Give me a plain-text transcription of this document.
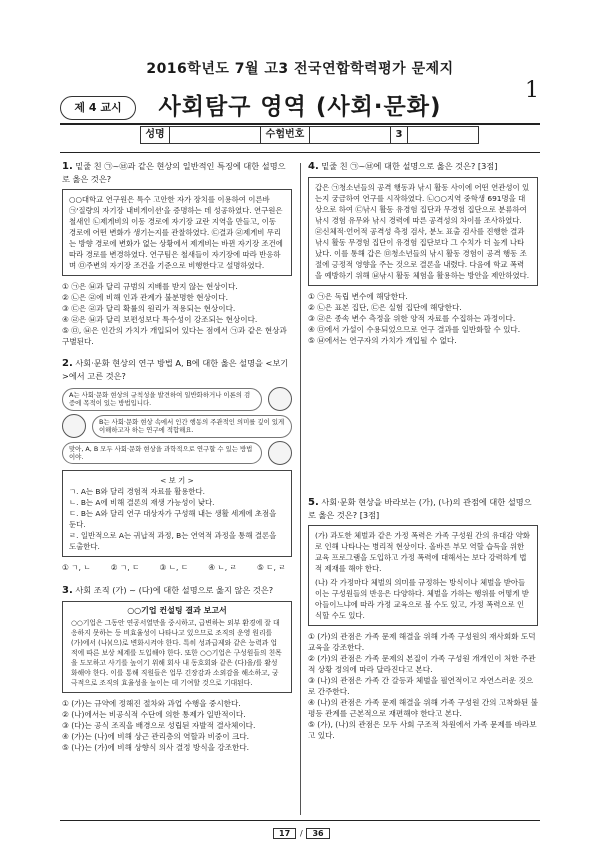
2016학년도 7월 고3 전국연합학력평가 문제지
1
제 4 교시	사회탐구 영역 (사회·문화)
성명	수험번호	3
1. 밑줄 친 ㉠~㉥과 같은 현상의 일반적인 특징에 대한 설명으로 옳은 것은?
○○대학교 연구원은 특수 고안한 자가 장치를 이용하여 이른바 ㉠'질량의 자기장 내비게이션'을 증명하는 데 성공하였다. 연구원은 철새인 ㉡제게비의 이동 경로에 자기장 교란 지역을 만들고, 이동 경로에 어떤 변화가 생기는지를 관찰하였다. ㉢결과 ㉣제게비 무리는 방향 경로에 변화가 없는 상황에서 제게비는 바뀐 자기장 조건에 따라 경로를 변경하였다. 연구팀은 철새들이 자기장에 따라 반응하며 ㉤주변의 자기장 조건을 기준으로 비행한다고 설명하였다.
① ㉠은 ㉥과 달리 규범의 지배를 받지 않는 현상이다.
② ㉡은 ㉣에 비해 인과 관계가 불분명한 현상이다.
③ ㉢은 ㉣과 달리 확률의 원리가 적용되는 현상이다.
④ ㉣은 ㉥과 달리 보편성보다 특수성이 강조되는 현상이다.
⑤ ㉤, ㉥은 인간의 가치가 개입되어 있다는 점에서 ㉠과 같은 현상과 구별된다.
2. 사회·문화 현상의 연구 방법 A, B에 대한 옳은 설명을 <보기>에서 고른 것은?
A는 사회·문화 현상의 규칙성을 발견하여 일반화하거나 이론의 검증에 목적이 있는 방법입니다.
B는 사회·문화 현상 속에서 인간 행동의 주관적인 의미를 깊이 있게 이해하고자 하는 연구에 적합해요.
맞아, A, B 모두 사회·문화 현상을 과학적으로 연구할 수 있는 방법이야.
< 보 기 >
ㄱ. A는 B와 달리 경험적 자료를 활용한다.
ㄴ. B는 A에 비해 결론의 재생 가능성이 낮다.
ㄷ. B는 A와 달리 연구 대상자가 구성해 내는 생활 세계에 초점을 둔다.
ㄹ. 일반적으로 A는 귀납적 과정, B는 연역적 과정을 통해 결론을 도출한다.
① ㄱ, ㄴ	② ㄱ, ㄷ	③ ㄴ, ㄷ	④ ㄴ, ㄹ	⑤ ㄷ, ㄹ
3. 사회 조직 (가) ~ (다)에 대한 설명으로 옳지 않은 것은?
○○기업 컨설팅 결과 보고서
○○기업은 그동안 연공서열만을 중시하고, 급변하는 외부 환경에 잘 대응하지 못하는 등 비효율성이 나타나고 있으므로 조직의 운영 원리를 (가)에서 (나)(으)로 변화시켜야 한다. 특히 성과급제와 같은 능력과 업적에 따른 보상 체계를 도입해야 한다. 또한 ○○기업은 구성원들의 친목을 도모하고 사기를 높이기 위해 회사 내 동호회와 같은 (다)을/를 활성화해야 한다. 이를 통해 직원들은 업무 긴장감과 소외감을 해소하고, 궁극적으로 조직의 효율성을 높이는 데 기여할 것으로 기대된다.
① (가)는 규약에 정해진 절차와 과업 수행을 중시한다.
② (나)에서는 비공식적 수단에 의한 통제가 일반적이다.
③ (다)는 공식 조직을 배경으로 성립된 자발적 결사체이다.
④ (가)는 (나)에 비해 상근 관리층의 역할과 비중이 크다.
⑤ (나)는 (가)에 비해 상향식 의사 결정 방식을 강조한다.
4. 밑줄 친 ㉠~㉥에 대한 설명으로 옳은 것은? [3점]
갑은 ㉠청소년들의 공격 행동과 낚시 활동 사이에 어떤 연관성이 있는지 궁금하여 연구를 시작하였다. ㉡○○지역 중학생 691명을 대상으로 하여 ㉢낚시 활동 유경험 집단과 무경험 집단으로 분류하여 낚시 경험 유무와 낚시 경력에 따른 공격성의 차이를 조사하였다. ㉣신체적·언어적 공격성 측정 검사, 분노 표출 검사를 진행한 결과 낚시 활동 무경험 집단이 유경험 집단보다 그 수치가 더 높게 나타났다. 이를 통해 갑은 ㉤청소년들의 낚시 활동 경험이 공격 행동 조절에 긍정적 영향을 주는 것으로 결론을 내렸다. 다음에 학교 폭력을 예방하기 위해 ㉥낚시 활동 체험을 활용하는 방안을 제안하였다.
① ㉠은 독립 변수에 해당한다.
② ㉡은 표본 집단, ㉢은 실험 집단에 해당한다.
③ ㉣은 종속 변수 측정을 위한 양적 자료를 수집하는 과정이다.
④ ㉤에서 가설이 수용되었으므로 연구 결과를 일반화할 수 있다.
⑤ ㉥에서는 연구자의 가치가 개입될 수 없다.
5. 사회·문화 현상을 바라보는 (가), (나)의 관점에 대한 설명으로 옳은 것은? [3점]
(가) 과도한 체벌과 같은 가정 폭력은 가족 구성원 간의 유대감 약화로 인해 나타나는 병리적 현상이다. 올바른 부모 역할 습득을 위한 교육 프로그램을 도입하고 가정 폭력에 대해서는 보다 강력하게 법적 제재를 해야 한다.
(나) 각 가정마다 체벌의 의미를 규정하는 방식이나 체벌을 받아들이는 구성원들의 반응은 다양하다. 체벌을 가하는 행위를 어떻게 받아들이느냐에 따라 가정 교육으로 볼 수도 있고, 가정 폭력으로 인식할 수도 있다.
① (가)의 관점은 가족 문제 해결을 위해 가족 구성원의 재사회화 도덕 교육을 강조한다.
② (가)의 관점은 가족 문제의 본질이 가족 구성원 개개인이 처한 주관적 상황 정의에 따라 달라진다고 본다.
③ (나)의 관점은 가족 간 갈등과 체벌을 필연적이고 자연스러운 것으로 간주한다.
④ (나)의 관점은 가족 문제 해결을 위해 가족 구성원 간의 고착화된 불평등 관계를 근본적으로 재편해야 한다고 본다.
⑤ (가), (나)의 관점은 모두 사회 구조적 차원에서 가족 문제를 바라보고 있다.
17 / 36
